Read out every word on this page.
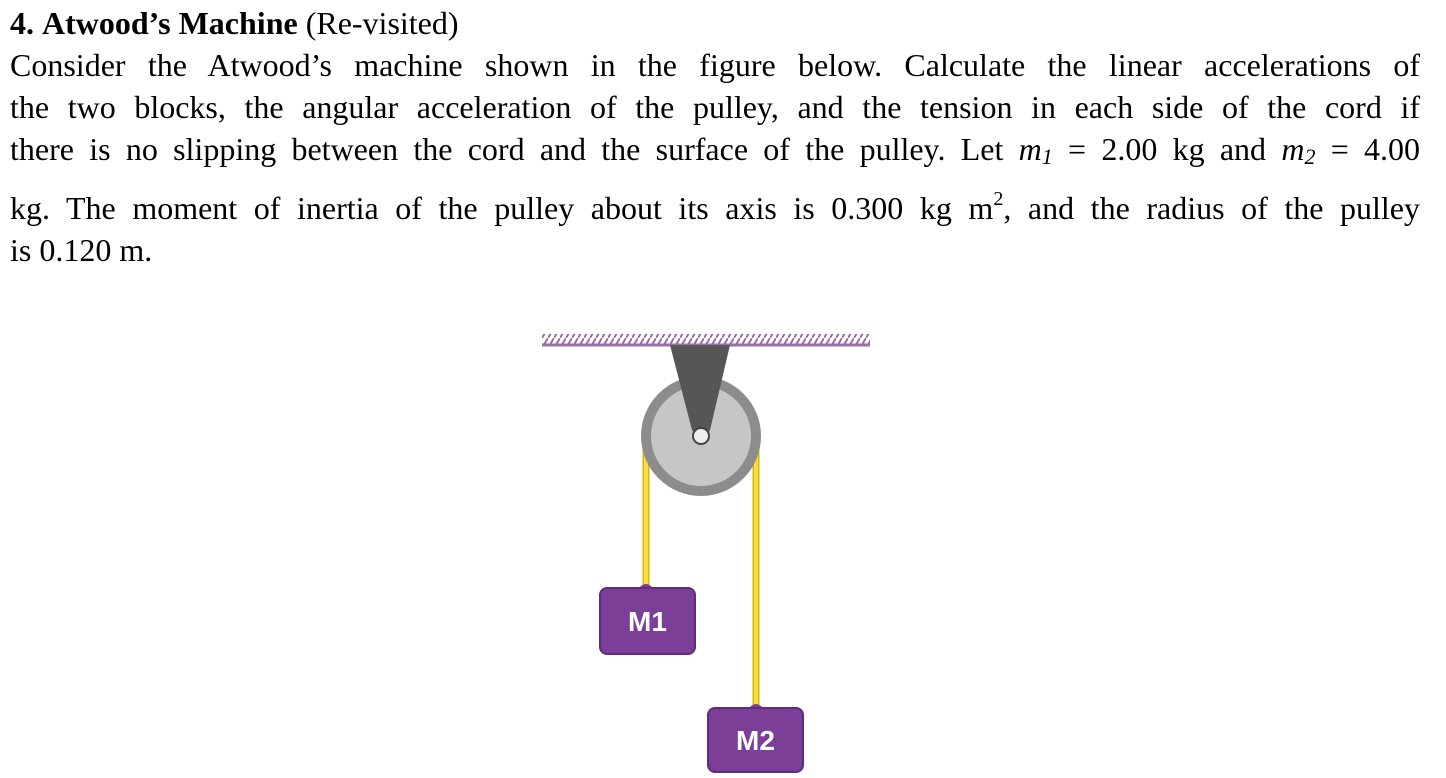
4. Atwood’s Machine (Re-visited)
Consider the Atwood’s machine shown in the figure below. Calculate the linear accelerations of
the two blocks, the angular acceleration of the pulley, and the tension in each side of the cord if
there is no slipping between the cord and the surface of the pulley. Let m1 = 2.00 kg and m2 = 4.00
kg. The moment of inertia of the pulley about its axis is 0.300 kg $m^2$, and the radius of the pulley
is 0.120 m.
M1
M2
